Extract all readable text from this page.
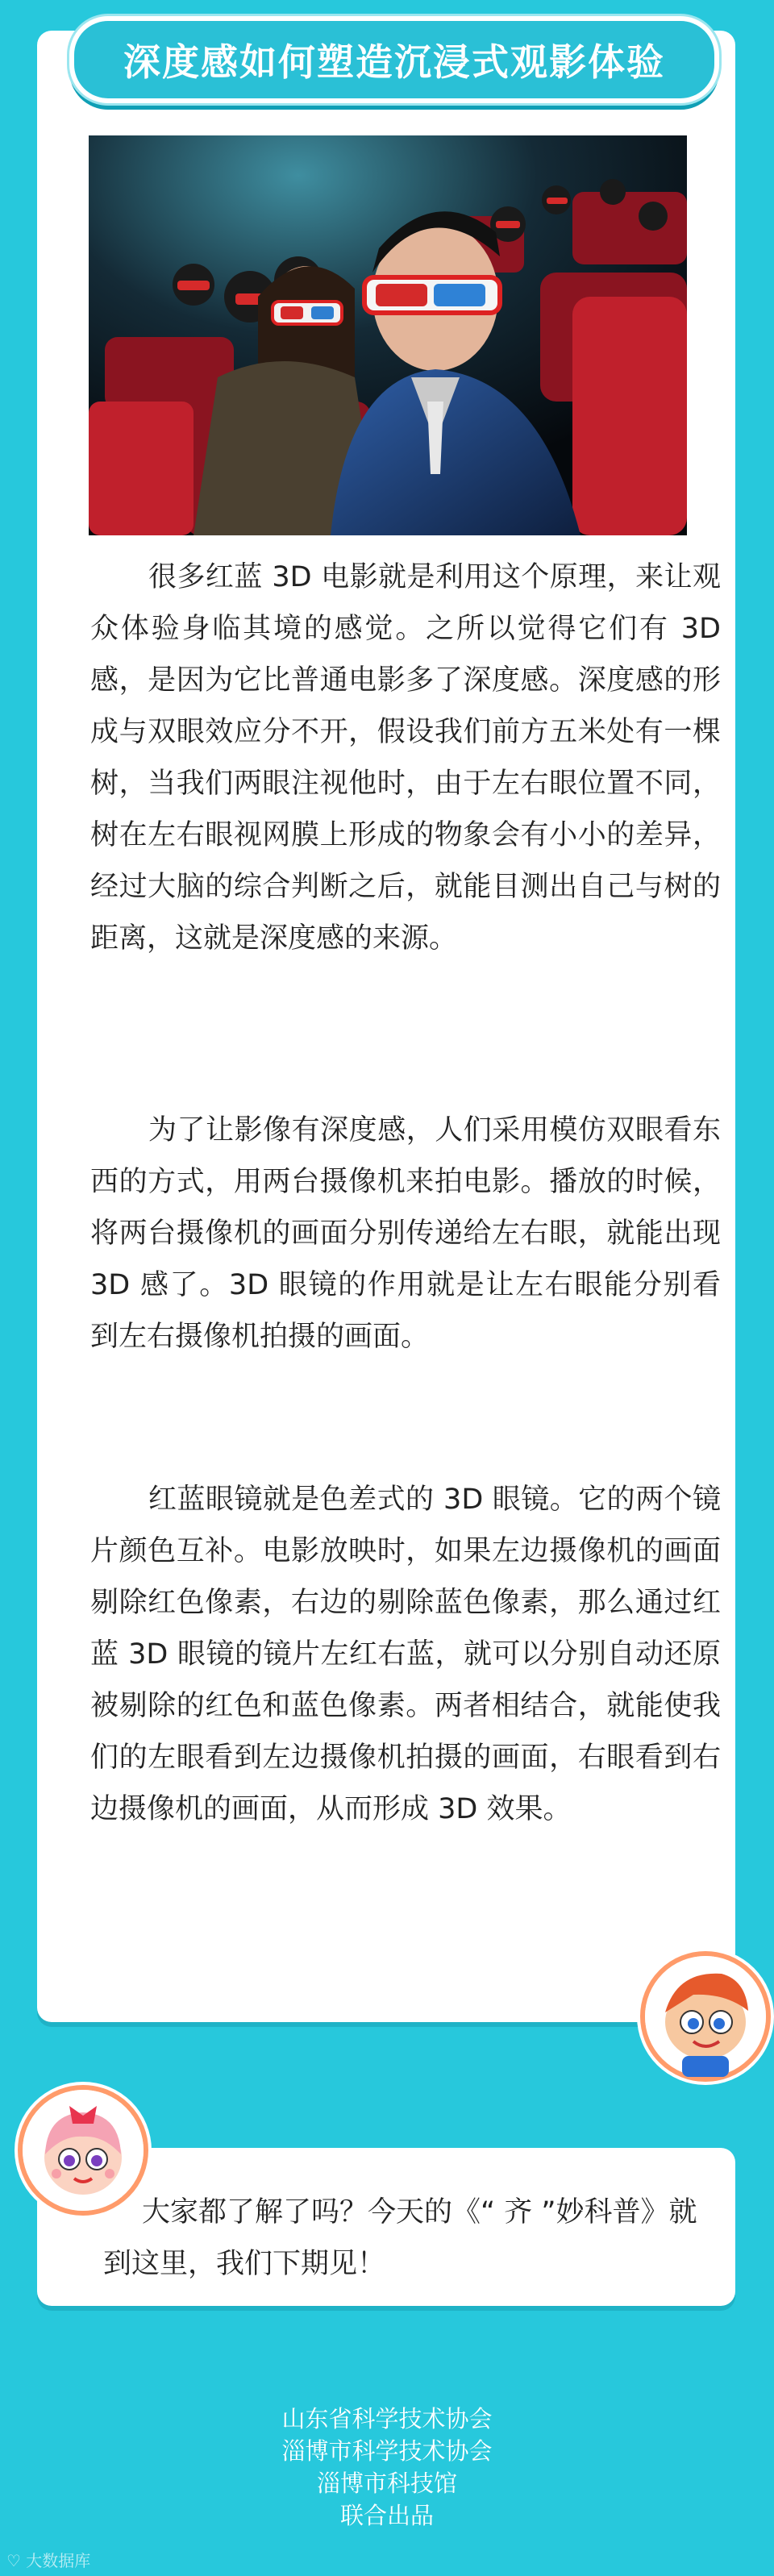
深度感如何塑造沉浸式观影体验

很多红蓝 3D 电影就是利用这个原理，来让观众体验身临其境的感觉。之所以觉得它们有 3D 感，是因为它比普通电影多了深度感。深度感的形成与双眼效应分不开，假设我们前方五米处有一棵树，当我们两眼注视他时，由于左右眼位置不同，树在左右眼视网膜上形成的物象会有小小的差异，经过大脑的综合判断之后，就能目测出自己与树的距离，这就是深度感的来源。

为了让影像有深度感，人们采用模仿双眼看东西的方式，用两台摄像机来拍电影。播放的时候，将两台摄像机的画面分别传递给左右眼，就能出现 3D 感了。3D 眼镜的作用就是让左右眼能分别看到左右摄像机拍摄的画面。

红蓝眼镜就是色差式的 3D 眼镜。它的两个镜片颜色互补。电影放映时，如果左边摄像机的画面剔除红色像素，右边的剔除蓝色像素，那么通过红蓝 3D 眼镜的镜片左红右蓝，就可以分别自动还原被剔除的红色和蓝色像素。两者相结合，就能使我们的左眼看到左边摄像机拍摄的画面，右眼看到右边摄像机的画面，从而形成 3D 效果。

大家都了解了吗？今天的《“ 齐 ”妙科普》就到这里，我们下期见！

山东省科学技术协会
淄博市科学技术协会
淄博市科技馆
联合出品
♡ 大数据库
